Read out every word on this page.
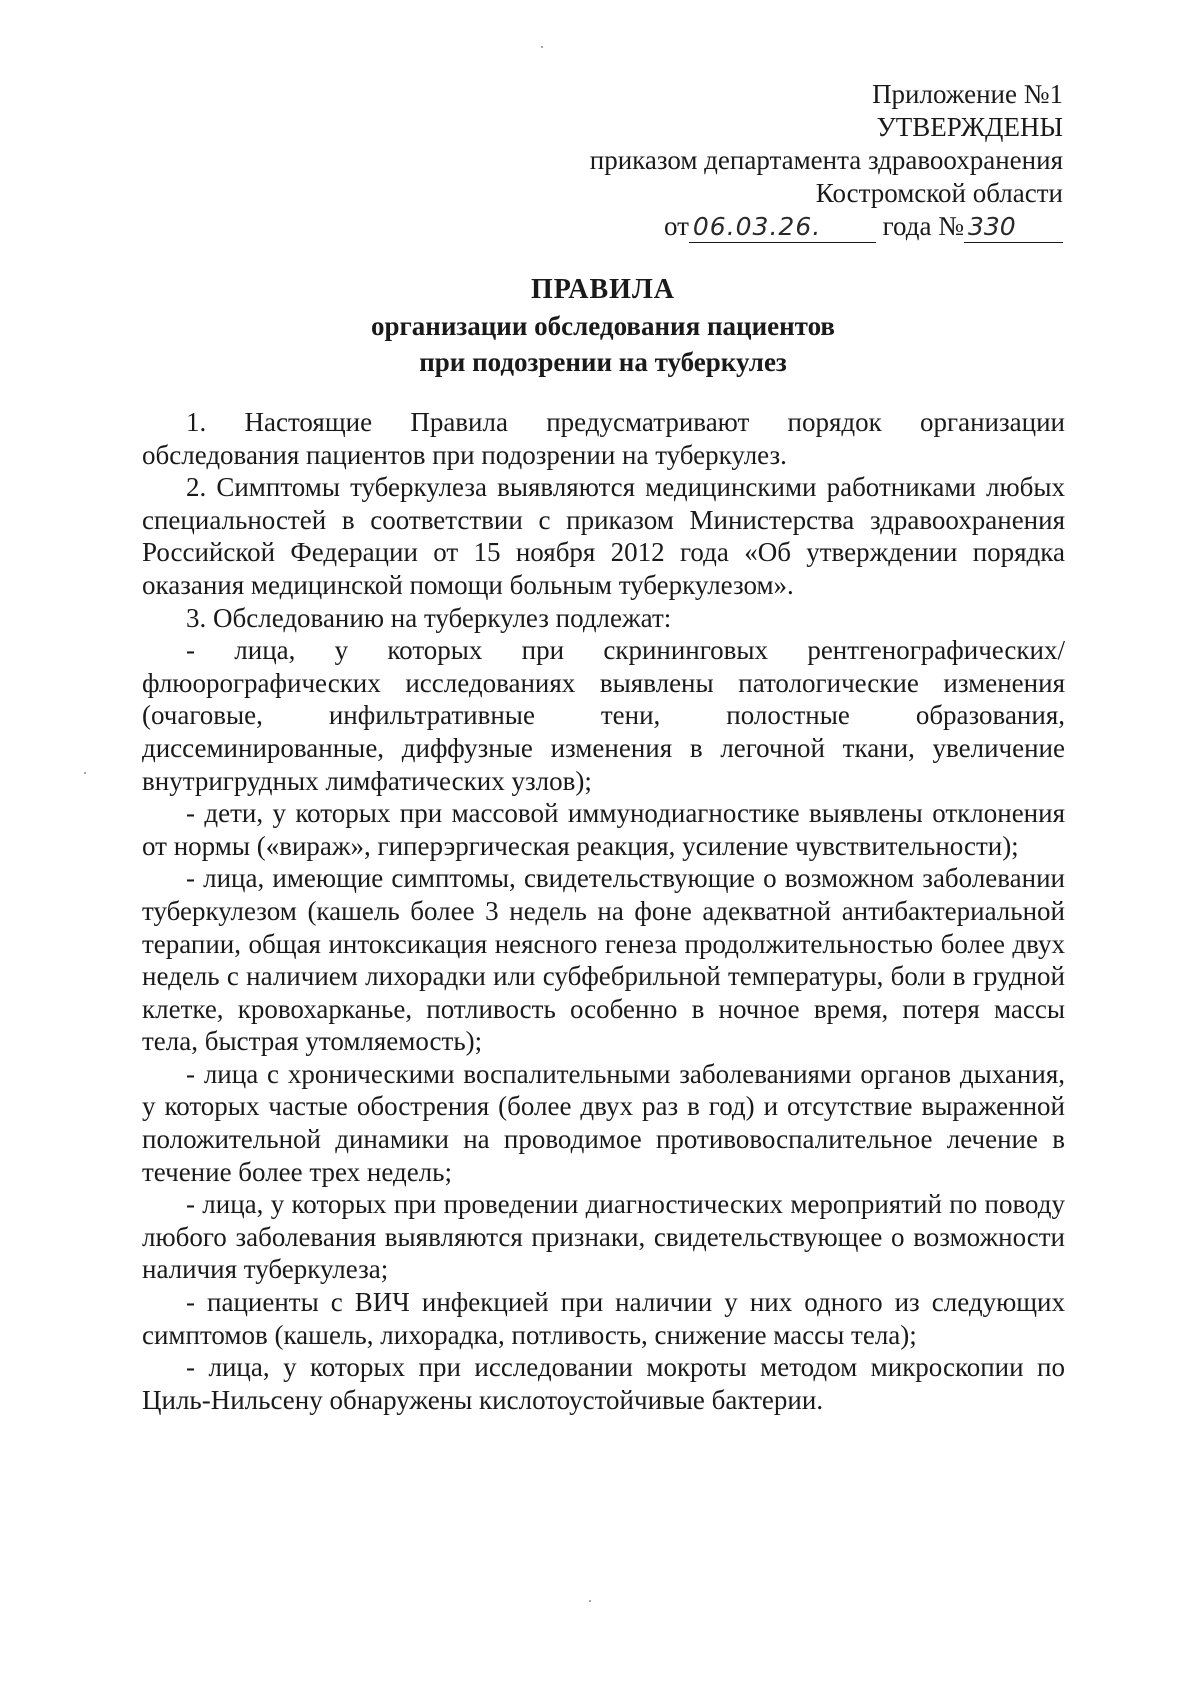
Приложение №1
УТВЕРЖДЕНЫ
приказом департамента здравоохранения
Костромской области
от 06.03.26. года № 330
ПРАВИЛА
организации обследования пациентов
при подозрении на туберкулез

1. Настоящие Правила предусматривают порядок организации обследования пациентов при подозрении на туберкулез.

2. Симптомы туберкулеза выявляются медицинскими работниками любых специальностей в соответствии с приказом Министерства здравоохранения Российской Федерации от 15 ноября 2012 года «Об утверждении порядка оказания медицинской помощи больным туберкулезом».

3. Обследованию на туберкулез подлежат:

- лица, у которых при скрининговых рентгенографических/флюорографических исследованиях выявлены патологические изменения (очаговые, инфильтративные тени, полостные образования, диссеминированные, диффузные изменения в легочной ткани, увеличение внутригрудных лимфатических узлов);

- дети, у которых при массовой иммунодиагностике выявлены отклонения от нормы («вираж», гиперэргическая реакция, усиление чувствительности);

- лица, имеющие симптомы, свидетельствующие о возможном заболевании туберкулезом (кашель более 3 недель на фоне адекватной антибактериальной терапии, общая интоксикация неясного генеза продолжительностью более двух недель с наличием лихорадки или субфебрильной температуры, боли в грудной клетке, кровохарканье, потливость особенно в ночное время, потеря массы тела, быстрая утомляемость);

- лица с хроническими воспалительными заболеваниями органов дыхания, у которых частые обострения (более двух раз в год) и отсутствие выраженной положительной динамики на проводимое противовоспалительное лечение в течение более трех недель;

- лица, у которых при проведении диагностических мероприятий по поводу любого заболевания выявляются признаки, свидетельствующее о возможности наличия туберкулеза;

- пациенты с ВИЧ инфекцией при наличии у них одного из следующих симптомов (кашель, лихорадка, потливость, снижение массы тела);

- лица, у которых при исследовании мокроты методом микроскопии по Циль-Нильсену обнаружены кислотоустойчивые бактерии.
